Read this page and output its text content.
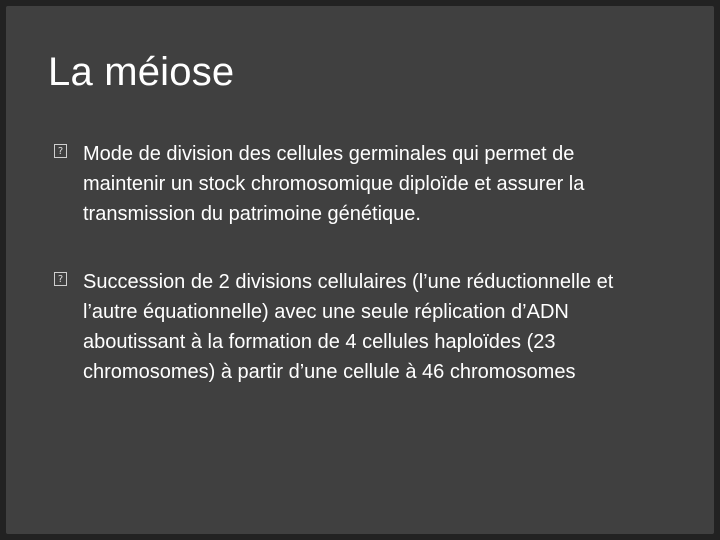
La méiose
? Mode de division des cellules germinales qui permet de maintenir un stock chromosomique diploïde et assurer la transmission du patrimoine génétique.
? Succession de 2 divisions cellulaires (l’une réductionnelle et l’autre équationnelle) avec une seule réplication d’ADN aboutissant à la formation de 4 cellules haploïdes (23 chromosomes) à partir d’une cellule à 46 chromosomes
